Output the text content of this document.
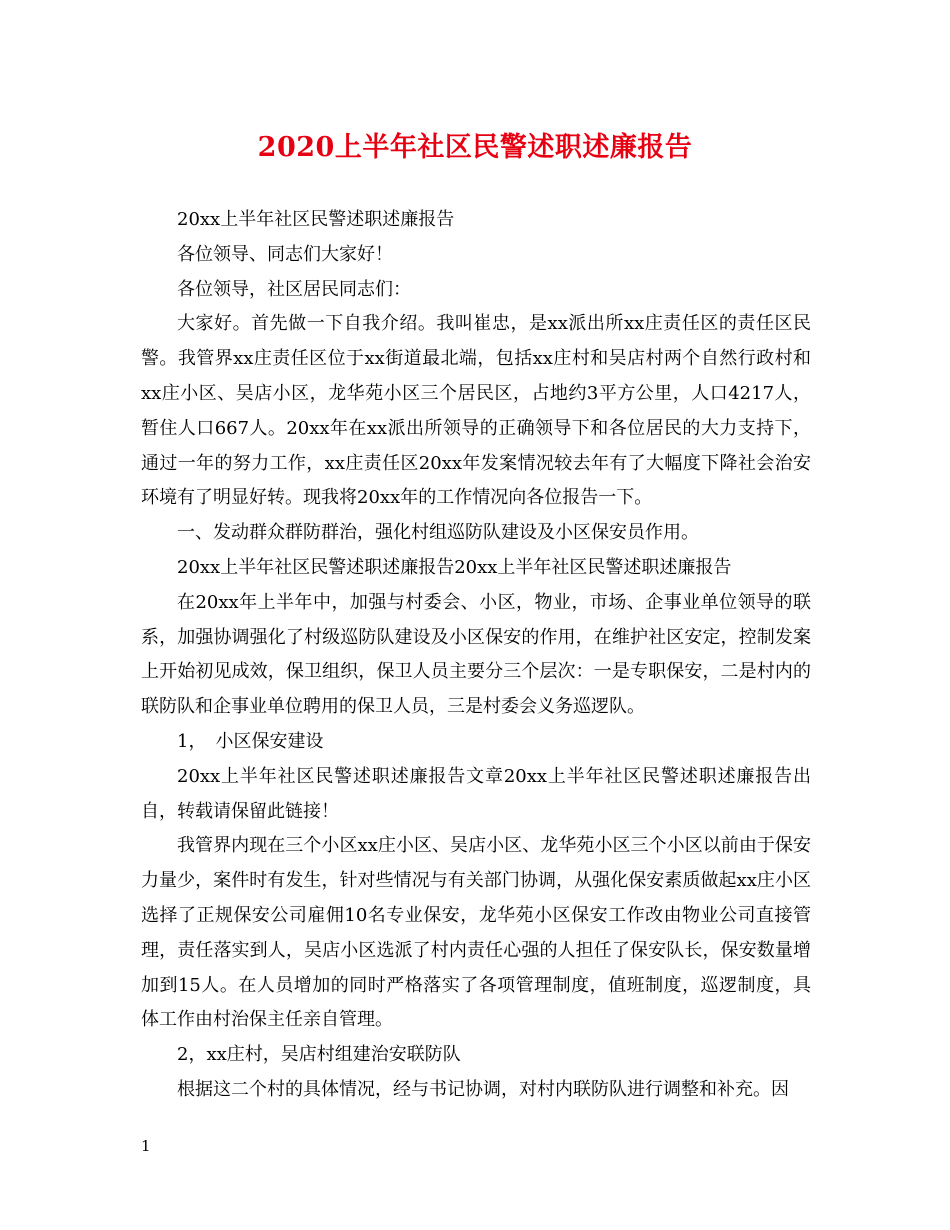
2020上半年社区民警述职述廉报告

20xx上半年社区民警述职述廉报告

各位领导、同志们大家好！

各位领导，社区居民同志们：

大家好。首先做一下自我介绍。我叫崔忠，是xx派出所xx庄责任区的责任区民警。我管界xx庄责任区位于xx街道最北端，包括xx庄村和吴店村两个自然行政村和xx庄小区、吴店小区，龙华苑小区三个居民区，占地约3平方公里，人口4217人，暂住人口667人。20xx年在xx派出所领导的正确领导下和各位居民的大力支持下，通过一年的努力工作，xx庄责任区20xx年发案情况较去年有了大幅度下降社会治安环境有了明显好转。现我将20xx年的工作情况向各位报告一下。

一、发动群众群防群治，强化村组巡防队建设及小区保安员作用。

20xx上半年社区民警述职述廉报告20xx上半年社区民警述职述廉报告

在20xx年上半年中，加强与村委会、小区，物业，市场、企事业单位领导的联系，加强协调强化了村级巡防队建设及小区保安的作用，在维护社区安定，控制发案上开始初见成效，保卫组织，保卫人员主要分三个层次：一是专职保安，二是村内的联防队和企事业单位聘用的保卫人员，三是村委会义务巡逻队。

1，　小区保安建设

20xx上半年社区民警述职述廉报告文章20xx上半年社区民警述职述廉报告出自，转载请保留此链接！

我管界内现在三个小区xx庄小区、吴店小区、龙华苑小区三个小区以前由于保安力量少，案件时有发生，针对些情况与有关部门协调，从强化保安素质做起xx庄小区选择了正规保安公司雇佣10名专业保安，龙华苑小区保安工作改由物业公司直接管理，责任落实到人，吴店小区选派了村内责任心强的人担任了保安队长，保安数量增加到15人。在人员增加的同时严格落实了各项管理制度，值班制度，巡逻制度，具体工作由村治保主任亲自管理。

2，xx庄村，吴店村组建治安联防队

根据这二个村的具体情况，经与书记协调，对村内联防队进行调整和补充。因

1
